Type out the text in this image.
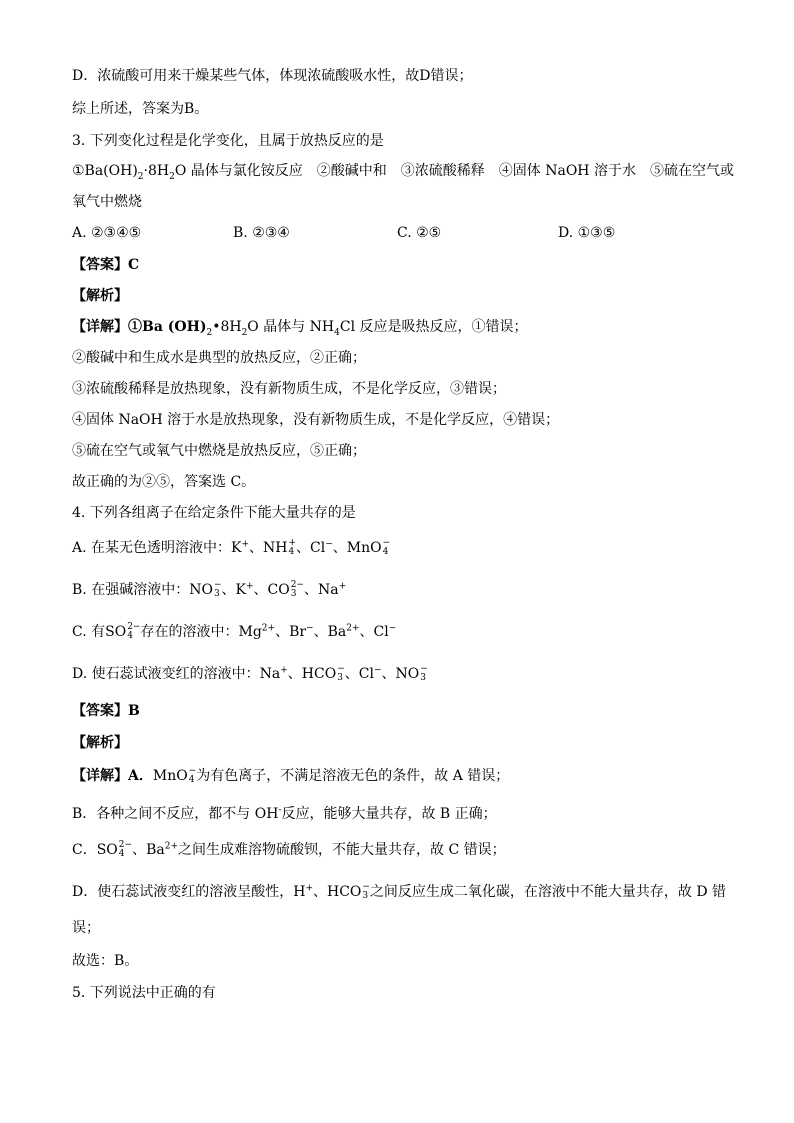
D．浓硫酸可用来干燥某些气体，体现浓硫酸吸水性，故D错误；
综上所述，答案为B。
3. 下列变化过程是化学变化，且属于放热反应的是
$①Ba(OH)_2\cdot 8H_2O$ 晶体与氯化铵反应　②酸碱中和　③浓硫酸稀释　④固体 NaOH 溶于水　⑤硫在空气或
氧气中燃烧
A. ②③④⑤	B. ②③④	C. ②⑤	D. ①③⑤
【答案】C
【解析】
【详解】①Ba $(OH)_2•8H_2O$ 晶体与 $NH_4Cl$ 反应是吸热反应，①错误；
②酸碱中和生成水是典型的放热反应，②正确；
③浓硫酸稀释是放热现象，没有新物质生成，不是化学反应，③错误；
④固体 NaOH 溶于水是放热现象，没有新物质生成，不是化学反应，④错误；
⑤硫在空气或氧气中燃烧是放热反应，⑤正确；
故正确的为②⑤，答案选 C。
4. 下列各组离子在给定条件下能大量共存的是
A. 在某无色透明溶液中：K+、NH +
4 、Cl−、MnO −
4
B. 在强碱溶液中：NO −
3 、K+、CO 2−
3 、Na+
C. 有SO 2−
4 存在的溶液中：$Mg^{2+}$、Br−、$Ba^{2+}$、Cl−
D. 使石蕊试液变红的溶液中：Na+、HCO −
3 、Cl−、NO −
3
【答案】B
【解析】
【详解】A．MnO −
4 为有色离子，不满足溶液无色的条件，故 A 错误；
B．各种之间不反应，都不与 OH-反应，能够大量共存，故 B 正确；
C．SO 2−
4 、$Ba^{2+}$之间生成难溶物硫酸钡，不能大量共存，故 C 错误；
D．使石蕊试液变红的溶液呈酸性，H+、HCO −
3 之间反应生成二氧化碳，在溶液中不能大量共存，故 D 错
误；
故选：B。
5. 下列说法中正确的有
